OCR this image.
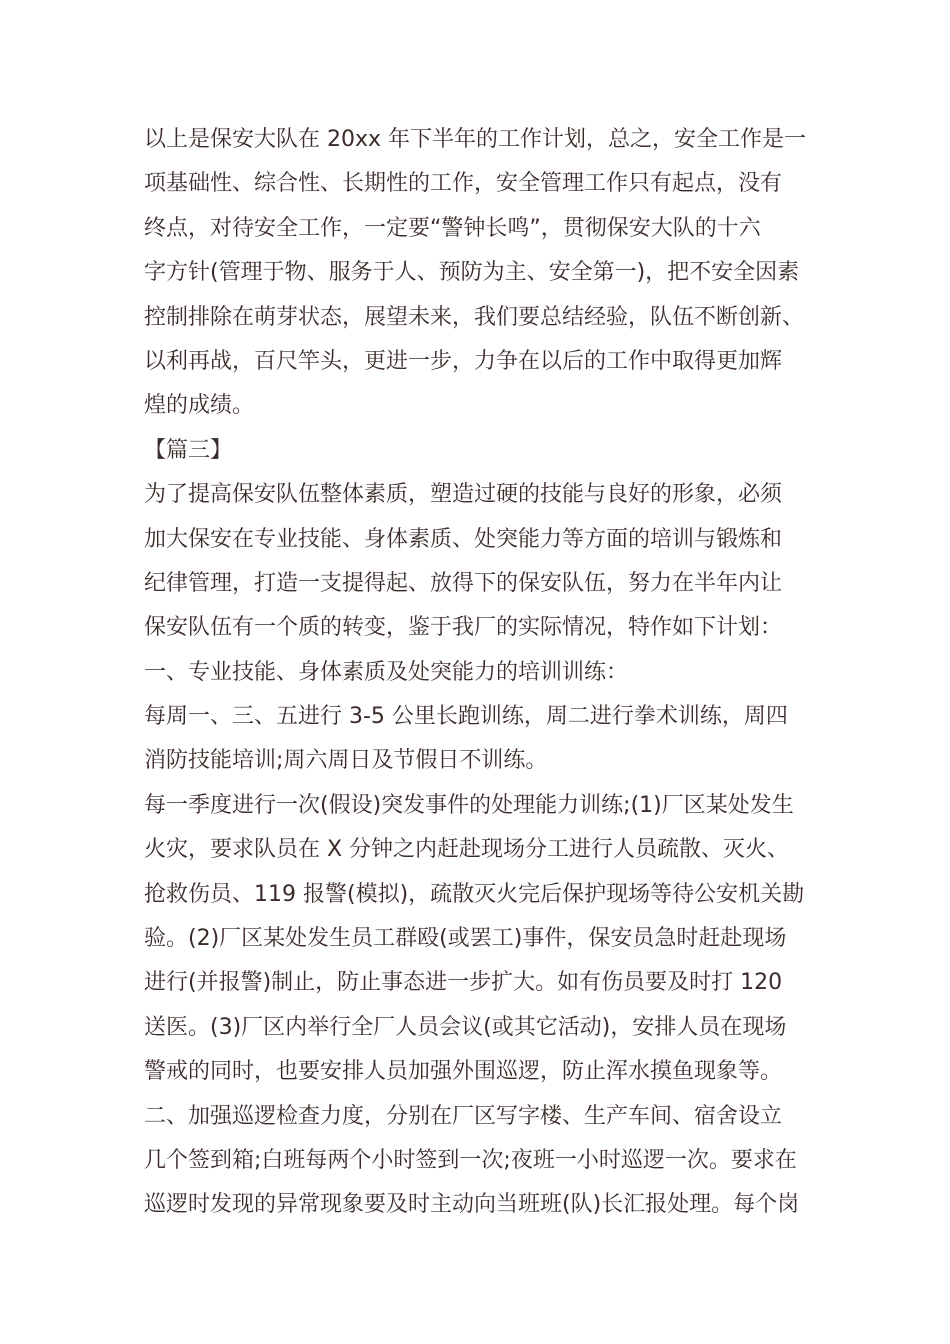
以上是保安大队在 20xx 年下半年的工作计划，总之，安全工作是一
项基础性、综合性、长期性的工作，安全管理工作只有起点，没有
终点，对待安全工作，一定要“警钟长鸣”，贯彻保安大队的十六
字方针(管理于物、服务于人、预防为主、安全第一)，把不安全因素
控制排除在萌芽状态，展望未来，我们要总结经验，队伍不断创新、
以利再战，百尺竿头，更进一步，力争在以后的工作中取得更加辉
煌的成绩。
【篇三】
为了提高保安队伍整体素质，塑造过硬的技能与良好的形象，必须
加大保安在专业技能、身体素质、处突能力等方面的培训与锻炼和
纪律管理，打造一支提得起、放得下的保安队伍，努力在半年内让
保安队伍有一个质的转变，鉴于我厂的实际情况，特作如下计划：
一、专业技能、身体素质及处突能力的培训训练：
每周一、三、五进行 3-5 公里长跑训练，周二进行拳术训练，周四
消防技能培训;周六周日及节假日不训练。
每一季度进行一次(假设)突发事件的处理能力训练;(1)厂区某处发生
火灾，要求队员在 X 分钟之内赶赴现场分工进行人员疏散、灭火、
抢救伤员、119 报警(模拟)，疏散灭火完后保护现场等待公安机关勘
验。(2)厂区某处发生员工群殴(或罢工)事件，保安员急时赶赴现场
进行(并报警)制止，防止事态进一步扩大。如有伤员要及时打 120
送医。(3)厂区内举行全厂人员会议(或其它活动)，安排人员在现场
警戒的同时，也要安排人员加强外围巡逻，防止浑水摸鱼现象等。
二、加强巡逻检查力度，分别在厂区写字楼、生产车间、宿舍设立
几个签到箱;白班每两个小时签到一次;夜班一小时巡逻一次。要求在
巡逻时发现的异常现象要及时主动向当班班(队)长汇报处理。每个岗
